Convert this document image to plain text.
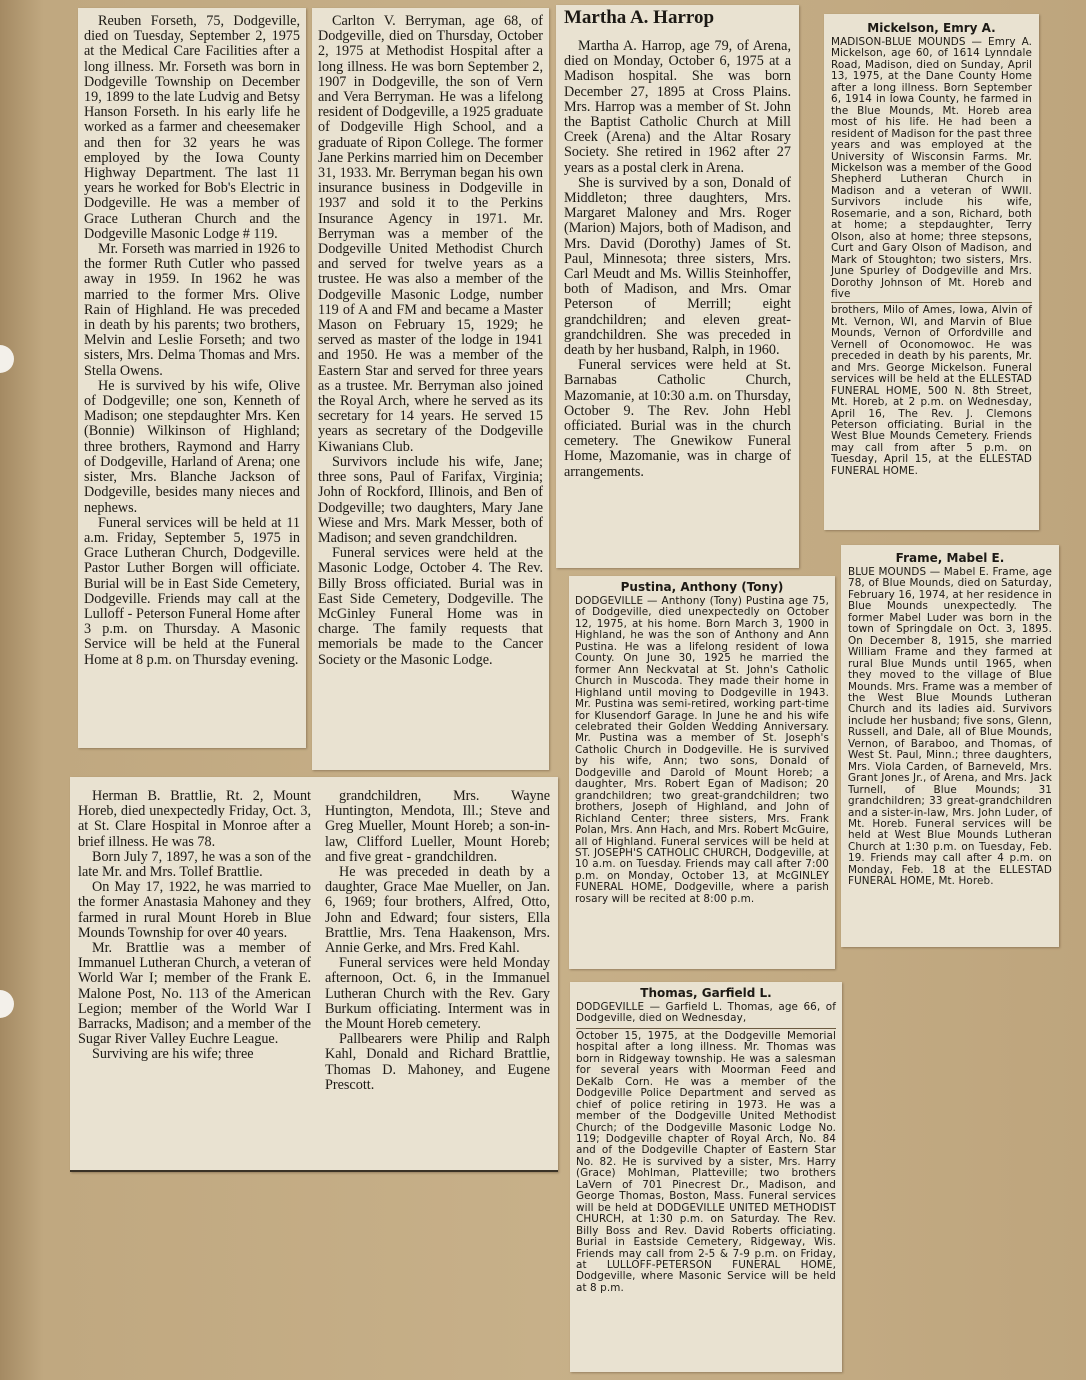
Reuben Forseth, 75, Dodgeville, died on Tuesday, September 2, 1975 at the Medical Care Facilities after a long illness. Mr. Forseth was born in Dodgeville Township on December 19, 1899 to the late Ludvig and Betsy Hanson Forseth. In his early life he worked as a farmer and cheesemaker and then for 32 years he was employed by the Iowa County Highway Department. The last 11 years he worked for Bob's Electric in Dodgeville. He was a member of Grace Lutheran Church and the Dodgeville Masonic Lodge # 119.

Mr. Forseth was married in 1926 to the former Ruth Cutler who passed away in 1959. In 1962 he was married to the former Mrs. Olive Rain of Highland. He was preceded in death by his parents; two brothers, Melvin and Leslie Forseth; and two sisters, Mrs. Delma Thomas and Mrs. Stella Owens.

He is survived by his wife, Olive of Dodgeville; one son, Kenneth of Madison; one stepdaughter Mrs. Ken (Bonnie) Wilkinson of Highland; three brothers, Raymond and Harry of Dodgeville, Harland of Arena; one sister, Mrs. Blanche Jackson of Dodgeville, besides many nieces and nephews.

Funeral services will be held at 11 a.m. Friday, September 5, 1975 in Grace Lutheran Church, Dodgeville. Pastor Luther Borgen will officiate. Burial will be in East Side Cemetery, Dodgeville. Friends may call at the Lulloff - Peterson Funeral Home after 3 p.m. on Thursday. A Masonic Service will be held at the Funeral Home at 8 p.m. on Thursday evening.

Carlton V. Berryman, age 68, of Dodgeville, died on Thursday, October 2, 1975 at Methodist Hospital after a long illness. He was born September 2, 1907 in Dodgeville, the son of Vern and Vera Berryman. He was a lifelong resident of Dodgeville, a 1925 graduate of Dodgeville High School, and a graduate of Ripon College. The former Jane Perkins married him on December 31, 1933. Mr. Berryman began his own insurance business in Dodgeville in 1937 and sold it to the Perkins Insurance Agency in 1971. Mr. Berryman was a member of the Dodgeville United Methodist Church and served for twelve years as a trustee. He was also a member of the Dodgeville Masonic Lodge, number 119 of A and FM and became a Master Mason on February 15, 1929; he served as master of the lodge in 1941 and 1950. He was a member of the Eastern Star and served for three years as a trustee. Mr. Berryman also joined the Royal Arch, where he served as its secretary for 14 years. He served 15 years as secretary of the Dodgeville Kiwanians Club.

Survivors include his wife, Jane; three sons, Paul of Farifax, Virginia; John of Rockford, Illinois, and Ben of Dodgeville; two daughters, Mary Jane Wiese and Mrs. Mark Messer, both of Madison; and seven grandchildren.

Funeral services were held at the Masonic Lodge, October 4. The Rev. Billy Bross officiated. Burial was in East Side Cemetery, Dodgeville. The McGinley Funeral Home was in charge. The family requests that memorials be made to the Cancer Society or the Masonic Lodge.

Martha A. Harrop

Martha A. Harrop, age 79, of Arena, died on Monday, October 6, 1975 at a Madison hospital. She was born December 27, 1895 at Cross Plains. Mrs. Harrop was a member of St. John the Baptist Catholic Church at Mill Creek (Arena) and the Altar Rosary Society. She retired in 1962 after 27 years as a postal clerk in Arena.

She is survived by a son, Donald of Middleton; three daughters, Mrs. Margaret Maloney and Mrs. Roger (Marion) Majors, both of Madison, and Mrs. David (Dorothy) James of St. Paul, Minnesota; three sisters, Mrs. Carl Meudt and Ms. Willis Steinhoffer, both of Madison, and Mrs. Omar Peterson of Merrill; eight grandchildren; and eleven great-grandchildren. She was preceded in death by her husband, Ralph, in 1960.

Funeral services were held at St. Barnabas Catholic Church, Mazomanie, at 10:30 a.m. on Thursday, October 9. The Rev. John Hebl officiated. Burial was in the church cemetery. The Gnewikow Funeral Home, Mazomanie, was in charge of arrangements.

Mickelson, Emry A.

MADISON-BLUE MOUNDS — Emry A. Mickelson, age 60, of 1614 Lynndale Road, Madison, died on Sunday, April 13, 1975, at the Dane County Home after a long illness. Born September 6, 1914 in Iowa County, he farmed in the Blue Mounds, Mt. Horeb area most of his life. He had been a resident of Madison for the past three years and was employed at the University of Wisconsin Farms. Mr. Mickelson was a member of the Good Shepherd Lutheran Church in Madison and a veteran of WWII. Survivors include his wife, Rosemarie, and a son, Richard, both at home; a stepdaughter, Terry Olson, also at home; three stepsons, Curt and Gary Olson of Madison, and Mark of Stoughton; two sisters, Mrs. June Spurley of Dodgeville and Mrs. Dorothy Johnson of Mt. Horeb and five

brothers, Milo of Ames, Iowa, Alvin of Mt. Vernon, WI, and Marvin of Blue Mounds, Vernon of Orfordville and Vernell of Oconomowoc. He was preceded in death by his parents, Mr. and Mrs. George Mickelson. Funeral services will be held at the ELLESTAD FUNERAL HOME, 500 N. 8th Street, Mt. Horeb, at 2 p.m. on Wednesday, April 16, The Rev. J. Clemons Peterson officiating. Burial in the West Blue Mounds Cemetery. Friends may call from after 5 p.m. on Tuesday, April 15, at the ELLESTAD FUNERAL HOME.

Frame, Mabel E.

BLUE MOUNDS — Mabel E. Frame, age 78, of Blue Mounds, died on Saturday, February 16, 1974, at her residence in Blue Mounds unexpectedly. The former Mabel Luder was born in the town of Springdale on Oct. 3, 1895. On December 8, 1915, she married William Frame and they farmed at rural Blue Munds until 1965, when they moved to the village of Blue Mounds. Mrs. Frame was a member of the West Blue Mounds Lutheran Church and its ladies aid. Survivors include her husband; five sons, Glenn, Russell, and Dale, all of Blue Mounds, Vernon, of Baraboo, and Thomas, of West St. Paul, Minn.; three daughters, Mrs. Viola Carden, of Barneveld, Mrs. Grant Jones Jr., of Arena, and Mrs. Jack Turnell, of Blue Mounds; 31 grandchildren; 33 great-grandchildren and a sister-in-law, Mrs. John Luder, of Mt. Horeb. Funeral services will be held at West Blue Mounds Lutheran Church at 1:30 p.m. on Tuesday, Feb. 19. Friends may call after 4 p.m. on Monday, Feb. 18 at the ELLESTAD FUNERAL HOME, Mt. Horeb.

Pustina, Anthony (Tony)

DODGEVILLE — Anthony (Tony) Pustina age 75, of Dodgeville, died unexpectedly on October 12, 1975, at his home. Born March 3, 1900 in Highland, he was the son of Anthony and Ann Pustina. He was a lifelong resident of Iowa County. On June 30, 1925 he married the former Ann Neckvatal at St. John's Catholic Church in Muscoda. They made their home in Highland until moving to Dodgeville in 1943. Mr. Pustina was semi-retired, working part-time for Klusendorf Garage. In June he and his wife celebrated their Golden Wedding Anniversary. Mr. Pustina was a member of St. Joseph's Catholic Church in Dodgeville. He is survived by his wife, Ann; two sons, Donald of Dodgeville and Darold of Mount Horeb; a daughter, Mrs. Robert Egan of Madison; 20 grandchildren; two great-grandchildren; two brothers, Joseph of Highland, and John of Richland Center; three sisters, Mrs. Frank Polan, Mrs. Ann Hach, and Mrs. Robert McGuire, all of Highland. Funeral services will be held at ST. JOSEPH'S CATHOLIC CHURCH, Dodgeville, at 10 a.m. on Tuesday. Friends may call after 7:00 p.m. on Monday, October 13, at McGINLEY FUNERAL HOME, Dodgeville, where a parish rosary will be recited at 8:00 p.m.

Thomas, Garfield L.

DODGEVILLE — Garfield L. Thomas, age 66, of Dodgeville, died on Wednesday,

October 15, 1975, at the Dodgeville Memorial hospital after a long illness. Mr. Thomas was born in Ridgeway township. He was a salesman for several years with Moorman Feed and DeKalb Corn. He was a member of the Dodgeville Police Department and served as chief of police retiring in 1973. He was a member of the Dodgeville United Methodist Church; of the Dodgeville Masonic Lodge No. 119; Dodgeville chapter of Royal Arch, No. 84 and of the Dodgeville Chapter of Eastern Star No. 82. He is survived by a sister, Mrs. Harry (Grace) Mohlman, Platteville; two brothers LaVern of 701 Pinecrest Dr., Madison, and George Thomas, Boston, Mass. Funeral services will be held at DODGEVILLE UNITED METHODIST CHURCH, at 1:30 p.m. on Saturday. The Rev. Billy Boss and Rev. David Roberts officiating. Burial in Eastside Cemetery, Ridgeway, Wis. Friends may call from 2-5 & 7-9 p.m. on Friday, at LULLOFF-PETERSON FUNERAL HOME, Dodgeville, where Masonic Service will be held at 8 p.m.

Herman B. Brattlie, Rt. 2, Mount Horeb, died unexpectedly Friday, Oct. 3, at St. Clare Hospital in Monroe after a brief illness. He was 78.

Born July 7, 1897, he was a son of the late Mr. and Mrs. Tollef Brattlie.

On May 17, 1922, he was married to the former Anastasia Mahoney and they farmed in rural Mount Horeb in Blue Mounds Township for over 40 years.

Mr. Brattlie was a member of Immanuel Lutheran Church, a veteran of World War I; member of the Frank E. Malone Post, No. 113 of the American Legion; member of the World War I Barracks, Madison; and a member of the Sugar River Valley Euchre League.

Surviving are his wife; three

grandchildren, Mrs. Wayne Huntington, Mendota, Ill.; Steve and Greg Mueller, Mount Horeb; a son-in-law, Clifford Lueller, Mount Horeb; and five great - grandchildren.

He was preceded in death by a daughter, Grace Mae Mueller, on Jan. 6, 1969; four brothers, Alfred, Otto, John and Edward; four sisters, Ella Brattlie, Mrs. Tena Haakenson, Mrs. Annie Gerke, and Mrs. Fred Kahl.

Funeral services were held Monday afternoon, Oct. 6, in the Immanuel Lutheran Church with the Rev. Gary Burkum officiating. Interment was in the Mount Horeb cemetery.

Pallbearers were Philip and Ralph Kahl, Donald and Richard Brattlie, Thomas D. Mahoney, and Eugene Prescott.
